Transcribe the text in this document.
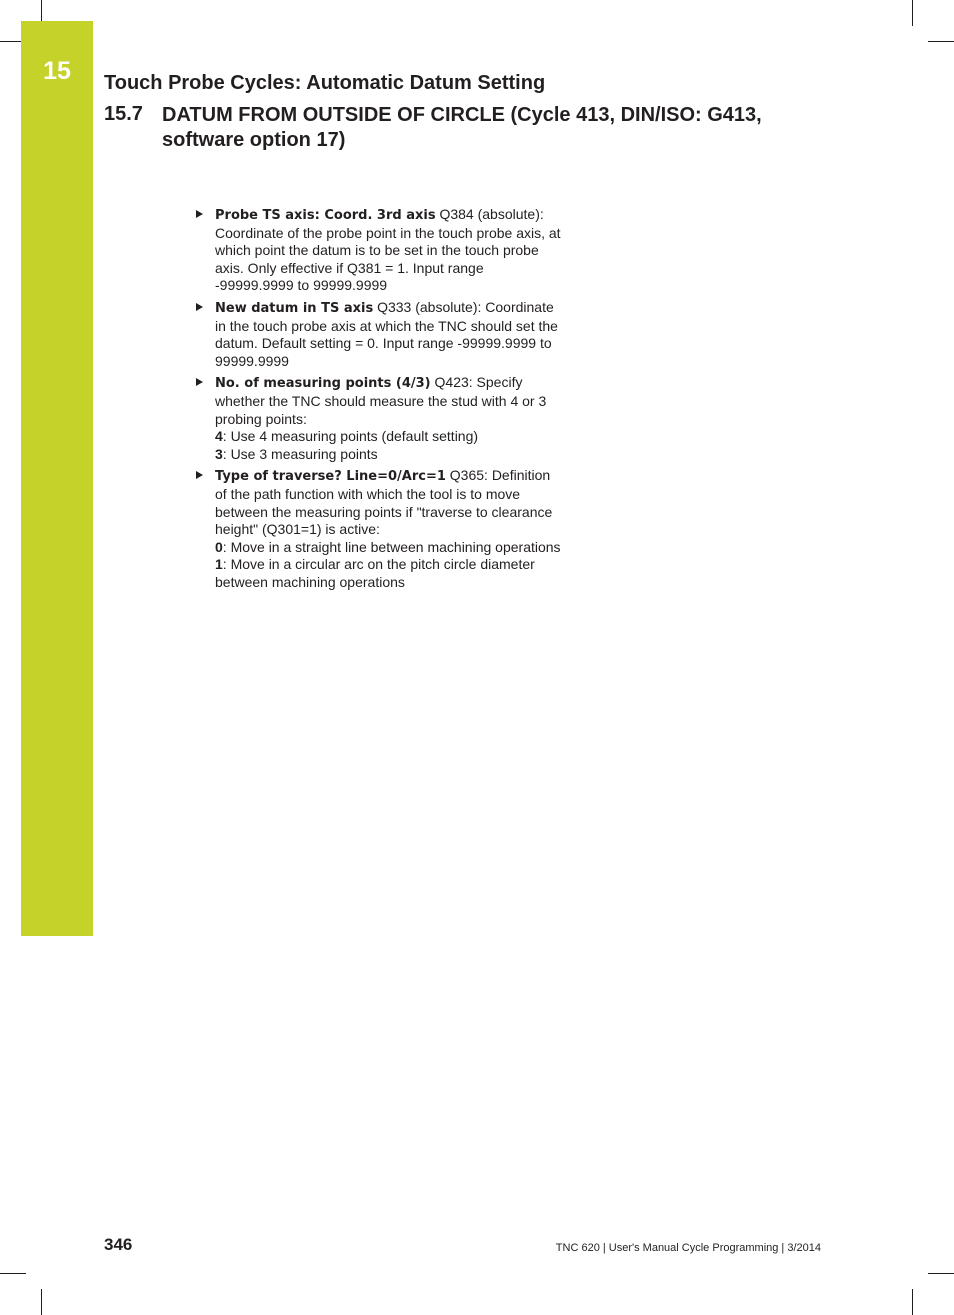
15	Touch Probe Cycles: Automatic Datum Setting
15.7 DATUM FROM OUTSIDE OF CIRCLE (Cycle 413, DIN/ISO: G413, software option 17)
Probe TS axis: Coord. 3rd axis Q384 (absolute): Coordinate of the probe point in the touch probe axis, at which point the datum is to be set in the touch probe axis. Only effective if Q381 = 1. Input range -99999.9999 to 99999.9999
New datum in TS axis Q333 (absolute): Coordinate in the touch probe axis at which the TNC should set the datum. Default setting = 0. Input range -99999.9999 to 99999.9999
No. of measuring points (4/3) Q423: Specify whether the TNC should measure the stud with 4 or 3 probing points:
4: Use 4 measuring points (default setting)
3: Use 3 measuring points
Type of traverse? Line=0/Arc=1 Q365: Definition of the path function with which the tool is to move between the measuring points if "traverse to clearance height" (Q301=1) is active:
0: Move in a straight line between machining operations
1: Move in a circular arc on the pitch circle diameter between machining operations
346	TNC 620 | User's Manual Cycle Programming | 3/2014
